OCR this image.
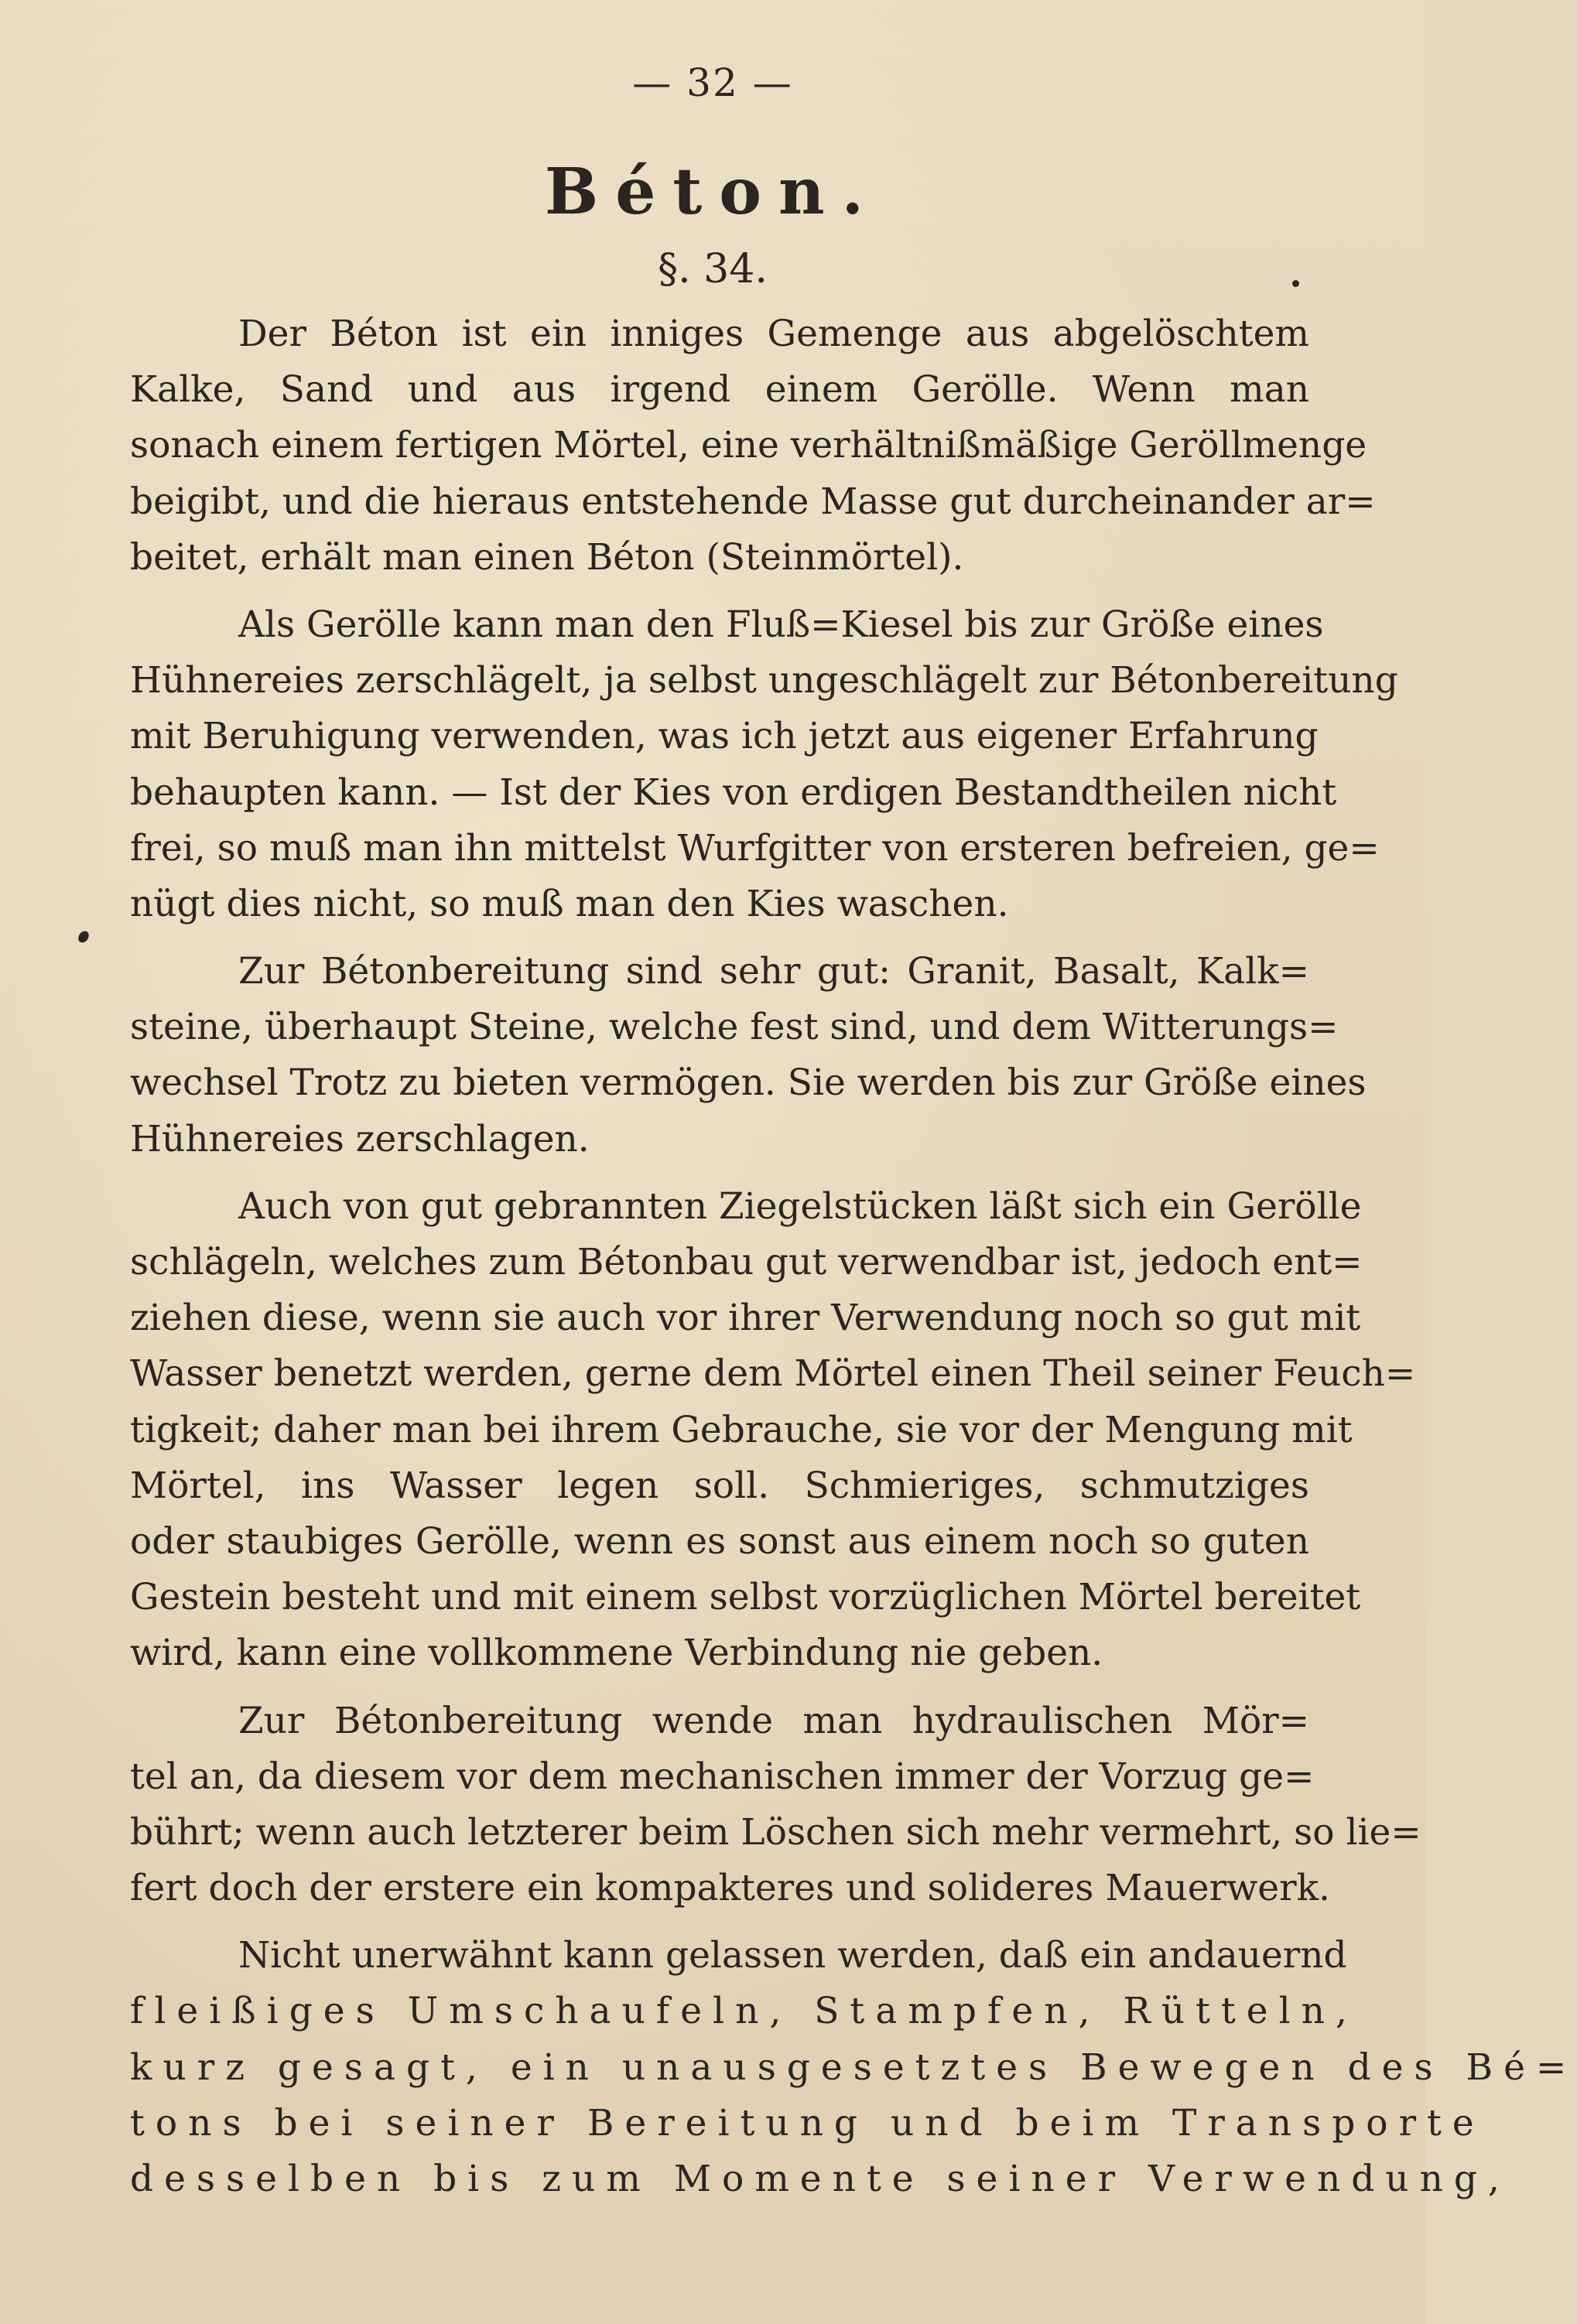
— 32 —
Béton.
§. 34.
Der Béton ist ein inniges Gemenge aus abgelöschtem
Kalke, Sand und aus irgend einem Gerölle. Wenn man
sonach einem fertigen Mörtel, eine verhältnißmäßige Geröllmenge
beigibt, und die hieraus entstehende Masse gut durcheinander ar=
beitet, erhält man einen Béton (Steinmörtel).
Als Gerölle kann man den Fluß=Kiesel bis zur Größe eines
Hühnereies zerschlägelt, ja selbst ungeschlägelt zur Bétonbereitung
mit Beruhigung verwenden, was ich jetzt aus eigener Erfahrung
behaupten kann. — Ist der Kies von erdigen Bestandtheilen nicht
frei, so muß man ihn mittelst Wurfgitter von ersteren befreien, ge=
nügt dies nicht, so muß man den Kies waschen.
Zur Bétonbereitung sind sehr gut: Granit, Basalt, Kalk=
steine, überhaupt Steine, welche fest sind, und dem Witterungs=
wechsel Trotz zu bieten vermögen. Sie werden bis zur Größe eines
Hühnereies zerschlagen.
Auch von gut gebrannten Ziegelstücken läßt sich ein Gerölle
schlägeln, welches zum Bétonbau gut verwendbar ist, jedoch ent=
ziehen diese, wenn sie auch vor ihrer Verwendung noch so gut mit
Wasser benetzt werden, gerne dem Mörtel einen Theil seiner Feuch=
tigkeit; daher man bei ihrem Gebrauche, sie vor der Mengung mit
Mörtel, ins Wasser legen soll. Schmieriges, schmutziges
oder staubiges Gerölle, wenn es sonst aus einem noch so guten
Gestein besteht und mit einem selbst vorzüglichen Mörtel bereitet
wird, kann eine vollkommene Verbindung nie geben.
Zur Bétonbereitung wende man hydraulischen Mör=
tel an, da diesem vor dem mechanischen immer der Vorzug ge=
bührt; wenn auch letzterer beim Löschen sich mehr vermehrt, so lie=
fert doch der erstere ein kompakteres und solideres Mauerwerk.
Nicht unerwähnt kann gelassen werden, daß ein andauernd
fleißiges Umschaufeln, Stampfen, Rütteln,
kurz gesagt, ein unausgesetztes Bewegen des Bé=
tons bei seiner Bereitung und beim Transporte
desselben bis zum Momente seiner Verwendung,
